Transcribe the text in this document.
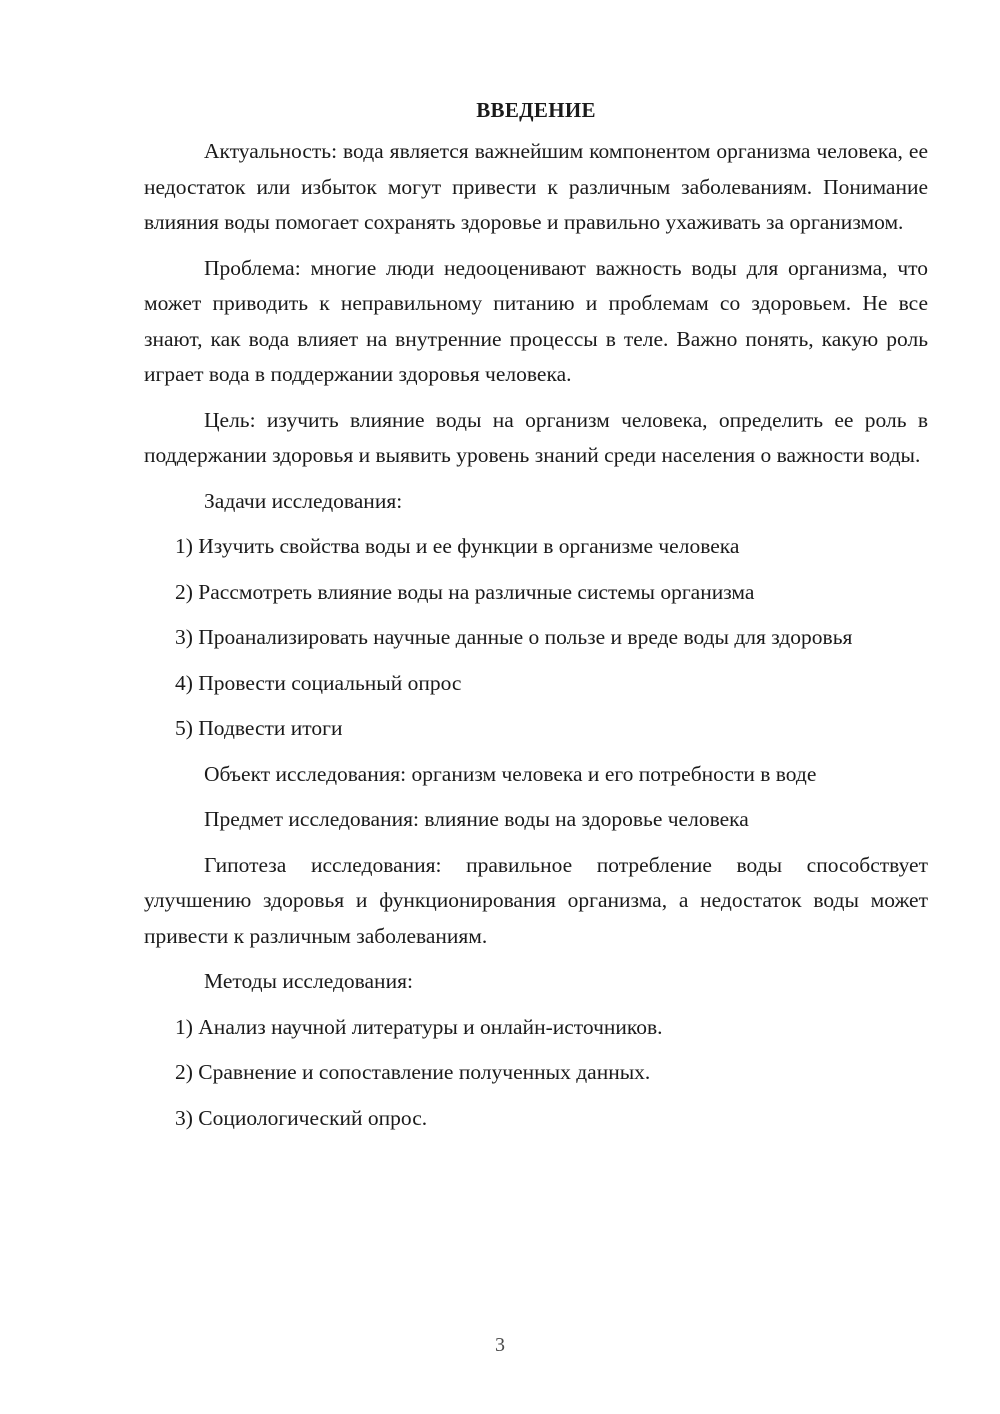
ВВЕДЕНИЕ

Актуальность: вода является важнейшим компонентом организма человека, ее недостаток или избыток могут привести к различным заболеваниям. Понимание влияния воды помогает сохранять здоровье и правильно ухаживать за организмом.

Проблема: многие люди недооценивают важность воды для организма, что может приводить к неправильному питанию и проблемам со здоровьем. Не все знают, как вода влияет на внутренние процессы в теле. Важно понять, какую роль играет вода в поддержании здоровья человека.

Цель: изучить влияние воды на организм человека, определить ее роль в поддержании здоровья и выявить уровень знаний среди населения о важности воды.

Задачи исследования:

1) Изучить свойства воды и ее функции в организме человека

2) Рассмотреть влияние воды на различные системы организма

3) Проанализировать научные данные о пользе и вреде воды для здоровья

4) Провести социальный опрос

5) Подвести итоги

Объект исследования: организм человека и его потребности в воде
Предмет исследования: влияние воды на здоровье человека

Гипотеза исследования: правильное потребление воды способствует улучшению здоровья и функционирования организма, а недостаток воды может привести к различным заболеваниям.

Методы исследования:

1) Анализ научной литературы и онлайн-источников.

2) Сравнение и сопоставление полученных данных.

3) Социологический опрос.

3
